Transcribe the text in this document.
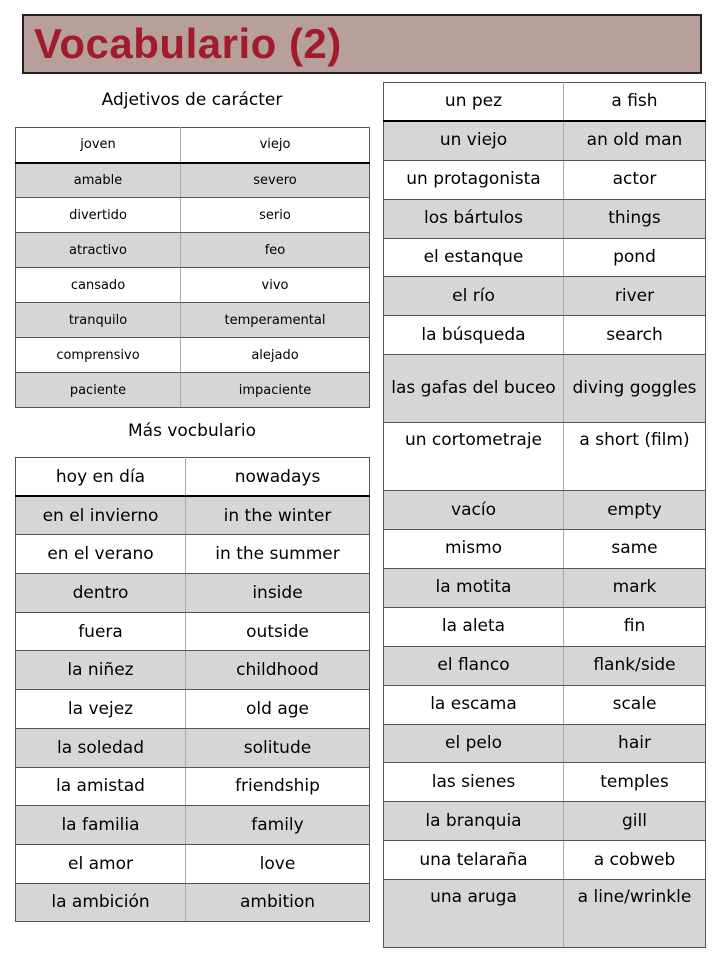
Vocabulario (2)
Adjetivos de carácter
joven	viejo
amable	severo
divertido	serio
atractivo	feo
cansado	vivo
tranquilo	temperamental
comprensivo	alejado
paciente	impaciente
Más vocbulario
hoy en día	nowadays
en el invierno	in the winter
en el verano	in the summer
dentro	inside
fuera	outside
la niñez	childhood
la vejez	old age
la soledad	solitude
la amistad	friendship
la familia	family
el amor	love
la ambición	ambition
un pez	a fish
un viejo	an old man
un protagonista	actor
los bártulos	things
el estanque	pond
el río	river
la búsqueda	search
las gafas del buceo	diving goggles
un cortometraje	a short (film)
vacío	empty
mismo	same
la motita	mark
la aleta	fin
el flanco	flank/side
la escama	scale
el pelo	hair
las sienes	temples
la branquia	gill
una telaraña	a cobweb
una aruga	a line/wrinkle
